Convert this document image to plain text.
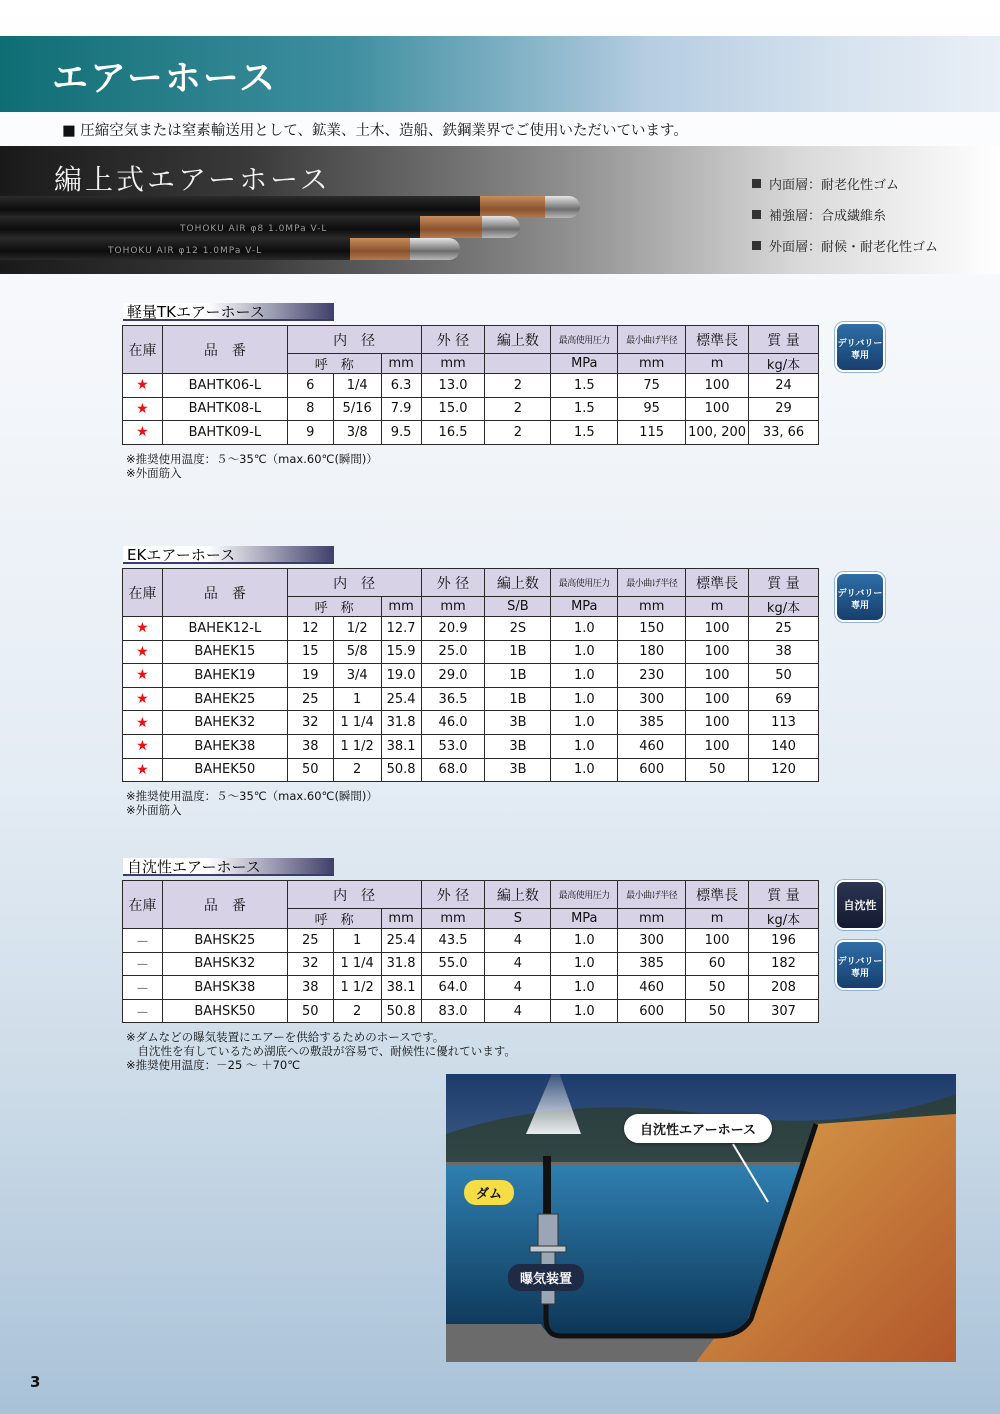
エアーホース
■ 圧縮空気または窒素輸送用として、鉱業、土木、造船、鉄鋼業界でご使用いただいています。
編上式エアーホース
TOHOKU AIR φ8 1.0MPa V-L
TOHOKU AIR φ12 1.0MPa V-L
内面層：耐老化性ゴム
補強層：合成繊維糸
外面層：耐候・耐老化性ゴム
軽量TKエアーホース
在庫	品　番	内　径			外 径	編上数	最高使用圧力	最小曲げ半径	標準長	質 量
		呼　称		mm	mm		MPa	mm	m	kg/本
★	BAHTK06-L	6	1/4	6.3	13.0	2	1.5	75	100	24
★	BAHTK08-L	8	5/16	7.9	15.0	2	1.5	95	100	29
★	BAHTK09-L	9	3/8	9.5	16.5	2	1.5	115	100, 200	33, 66
※推奨使用温度：５～35℃（max.60℃(瞬間)）
※外面筋入
EKエアーホース
在庫	品　番	内　径			外 径	編上数	最高使用圧力	最小曲げ半径	標準長	質 量
		呼　称		mm	mm	S/B	MPa	mm	m	kg/本
★	BAHEK12-L	12	1/2	12.7	20.9	2S	1.0	150	100	25
★	BAHEK15	15	5/8	15.9	25.0	1B	1.0	180	100	38
★	BAHEK19	19	3/4	19.0	29.0	1B	1.0	230	100	50
★	BAHEK25	25	1	25.4	36.5	1B	1.0	300	100	69
★	BAHEK32	32	1 1/4	31.8	46.0	3B	1.0	385	100	113
★	BAHEK38	38	1 1/2	38.1	53.0	3B	1.0	460	100	140
★	BAHEK50	50	2	50.8	68.0	3B	1.0	600	50	120
※推奨使用温度：５～35℃（max.60℃(瞬間)）
※外面筋入
自沈性エアーホース
在庫	品　番	内　径			外 径	編上数	最高使用圧力	最小曲げ半径	標準長	質 量
		呼　称		mm	mm	S	MPa	mm	m	kg/本
－	BAHSK25	25	1	25.4	43.5	4	1.0	300	100	196
－	BAHSK32	32	1 1/4	31.8	55.0	4	1.0	385	60	182
－	BAHSK38	38	1 1/2	38.1	64.0	4	1.0	460	50	208
－	BAHSK50	50	2	50.8	83.0	4	1.0	600	50	307
※ダムなどの曝気装置にエアーを供給するためのホースです。
　自沈性を有しているため湖底への敷設が容易で、耐候性に優れています。
※推奨使用温度：－25 ～ ＋70℃
デリバリー
専用
デリバリー
専用
自沈性
デリバリー
専用
自沈性エアーホース
ダム
曝気装置
3
